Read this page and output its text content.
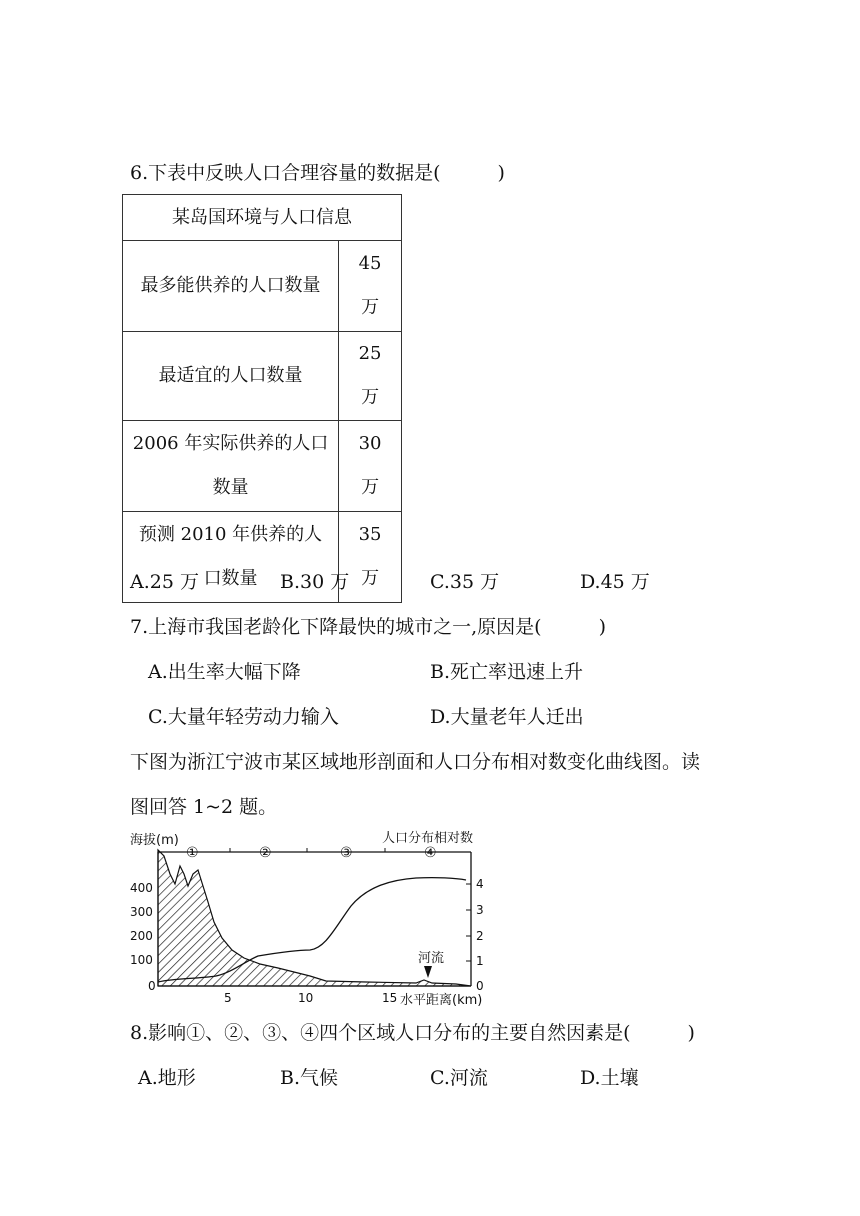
6.下表中反映人口合理容量的数据是(　　　)
某岛国环境与人口信息	
最多能供养的人口数量	45 万
最适宜的人口数量	25 万
2006 年实际供养的人口数量	30 万
预测 2010 年供养的人口数量	35 万
A.25 万	B.30 万	C.35 万	D.45 万
7.上海市我国老龄化下降最快的城市之一,原因是(　　　)
A.出生率大幅下降	B.死亡率迅速上升
C.大量年轻劳动力输入	D.大量老年人迁出
下图为浙江宁波市某区域地形剖面和人口分布相对数变化曲线图。读
图回答 1~2 题。
河流
海拔(m)	人口分布相对数
水平距离(km)
400
300
200
100
0
4
3
2
1
0
5	10	15
①	②	③	④
8.影响①、②、③、④四个区域人口分布的主要自然因素是(　　　)
A.地形	B.气候	C.河流	D.土壤
